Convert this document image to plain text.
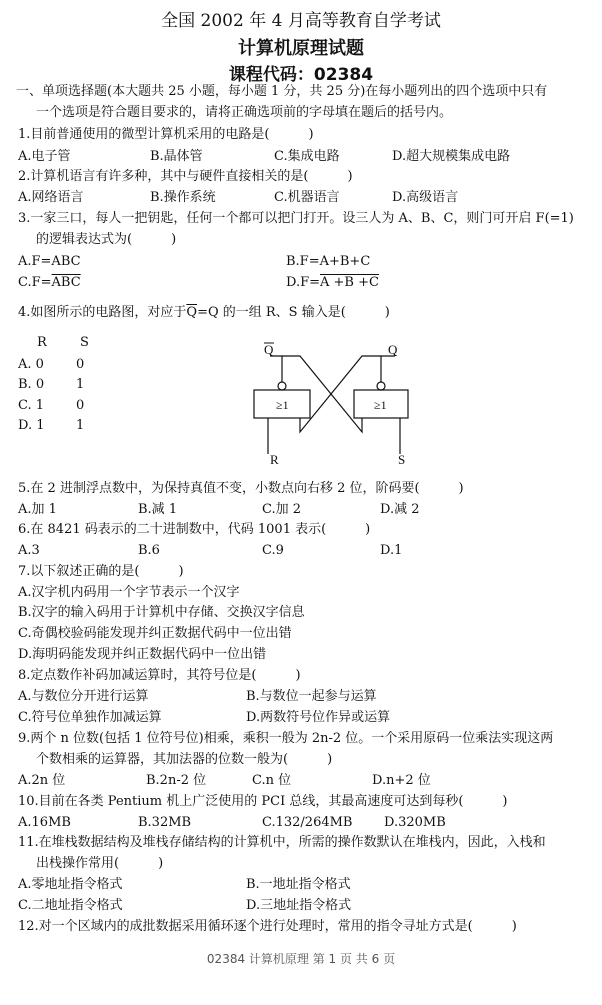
全国 2002 年 4 月高等教育自学考试
计算机原理试题
课程代码：02384
一、单项选择题(本大题共 25 小题，每小题 1 分，共 25 分)在每小题列出的四个选项中只有
一个选项是符合题目要求的，请将正确选项前的字母填在题后的括号内。
1.目前普通使用的微型计算机采用的电路是(　　　)
A.电子管	B.晶体管	C.集成电路	D.超大规模集成电路
2.计算机语言有许多种，其中与硬件直接相关的是(　　　)
A.网络语言	B.操作系统	C.机器语言	D.高级语言
3.一家三口，每人一把钥匙，任何一个都可以把门打开。设三人为 A、B、C，则门可开启 F(=1)
的逻辑表达式为(　　　)
A.F=ABC	B.F=A+B+C
$C.F=\overline{ABC}$	D.F=A +B +C
4.如图所示的电路图，对应于$\overline{Q}=Q$ 的一组 R、S 输入是(　　　)
R	S
A. 0 0
B. 0 1
C. 1 0
D. 1 1
Q	Q
≥1	≥1
R	S
5.在 2 进制浮点数中，为保持真值不变，小数点向右移 2 位，阶码要(　　　)
A.加 1	B.减 1	C.加 2	D.减 2
6.在 8421 码表示的二十进制数中，代码 1001 表示(　　　)
A.3	B.6	C.9	D.1
7.以下叙述正确的是(　　　)
A.汉字机内码用一个字节表示一个汉字
B.汉字的输入码用于计算机中存储、交换汉字信息
C.奇偶校验码能发现并纠正数据代码中一位出错
D.海明码能发现并纠正数据代码中一位出错
8.定点数作补码加减运算时，其符号位是(　　　)
A.与数位分开进行运算	B.与数位一起参与运算
C.符号位单独作加减运算	D.两数符号位作异或运算
9.两个 n 位数(包括 1 位符号位)相乘，乘积一般为 2n-2 位。一个采用原码一位乘法实现这两
个数相乘的运算器，其加法器的位数一般为(　　　)
A.2n 位	B.2n-2 位	C.n 位	D.n+2 位
10.目前在各类 Pentium 机上广泛使用的 PCI 总线，其最高速度可达到每秒(　　　)
A.16MB	B.32MB	C.132/264MB D.320MB
11.在堆栈数据结构及堆栈存储结构的计算机中，所需的操作数默认在堆栈内，因此，入栈和
出栈操作常用(　　　)
A.零地址指令格式	B.一地址指令格式
C.二地址指令格式	D.三地址指令格式
12.对一个区域内的成批数据采用循环逐个进行处理时，常用的指令寻址方式是(　　　)
02384 计算机原理 第 1 页 共 6 页
